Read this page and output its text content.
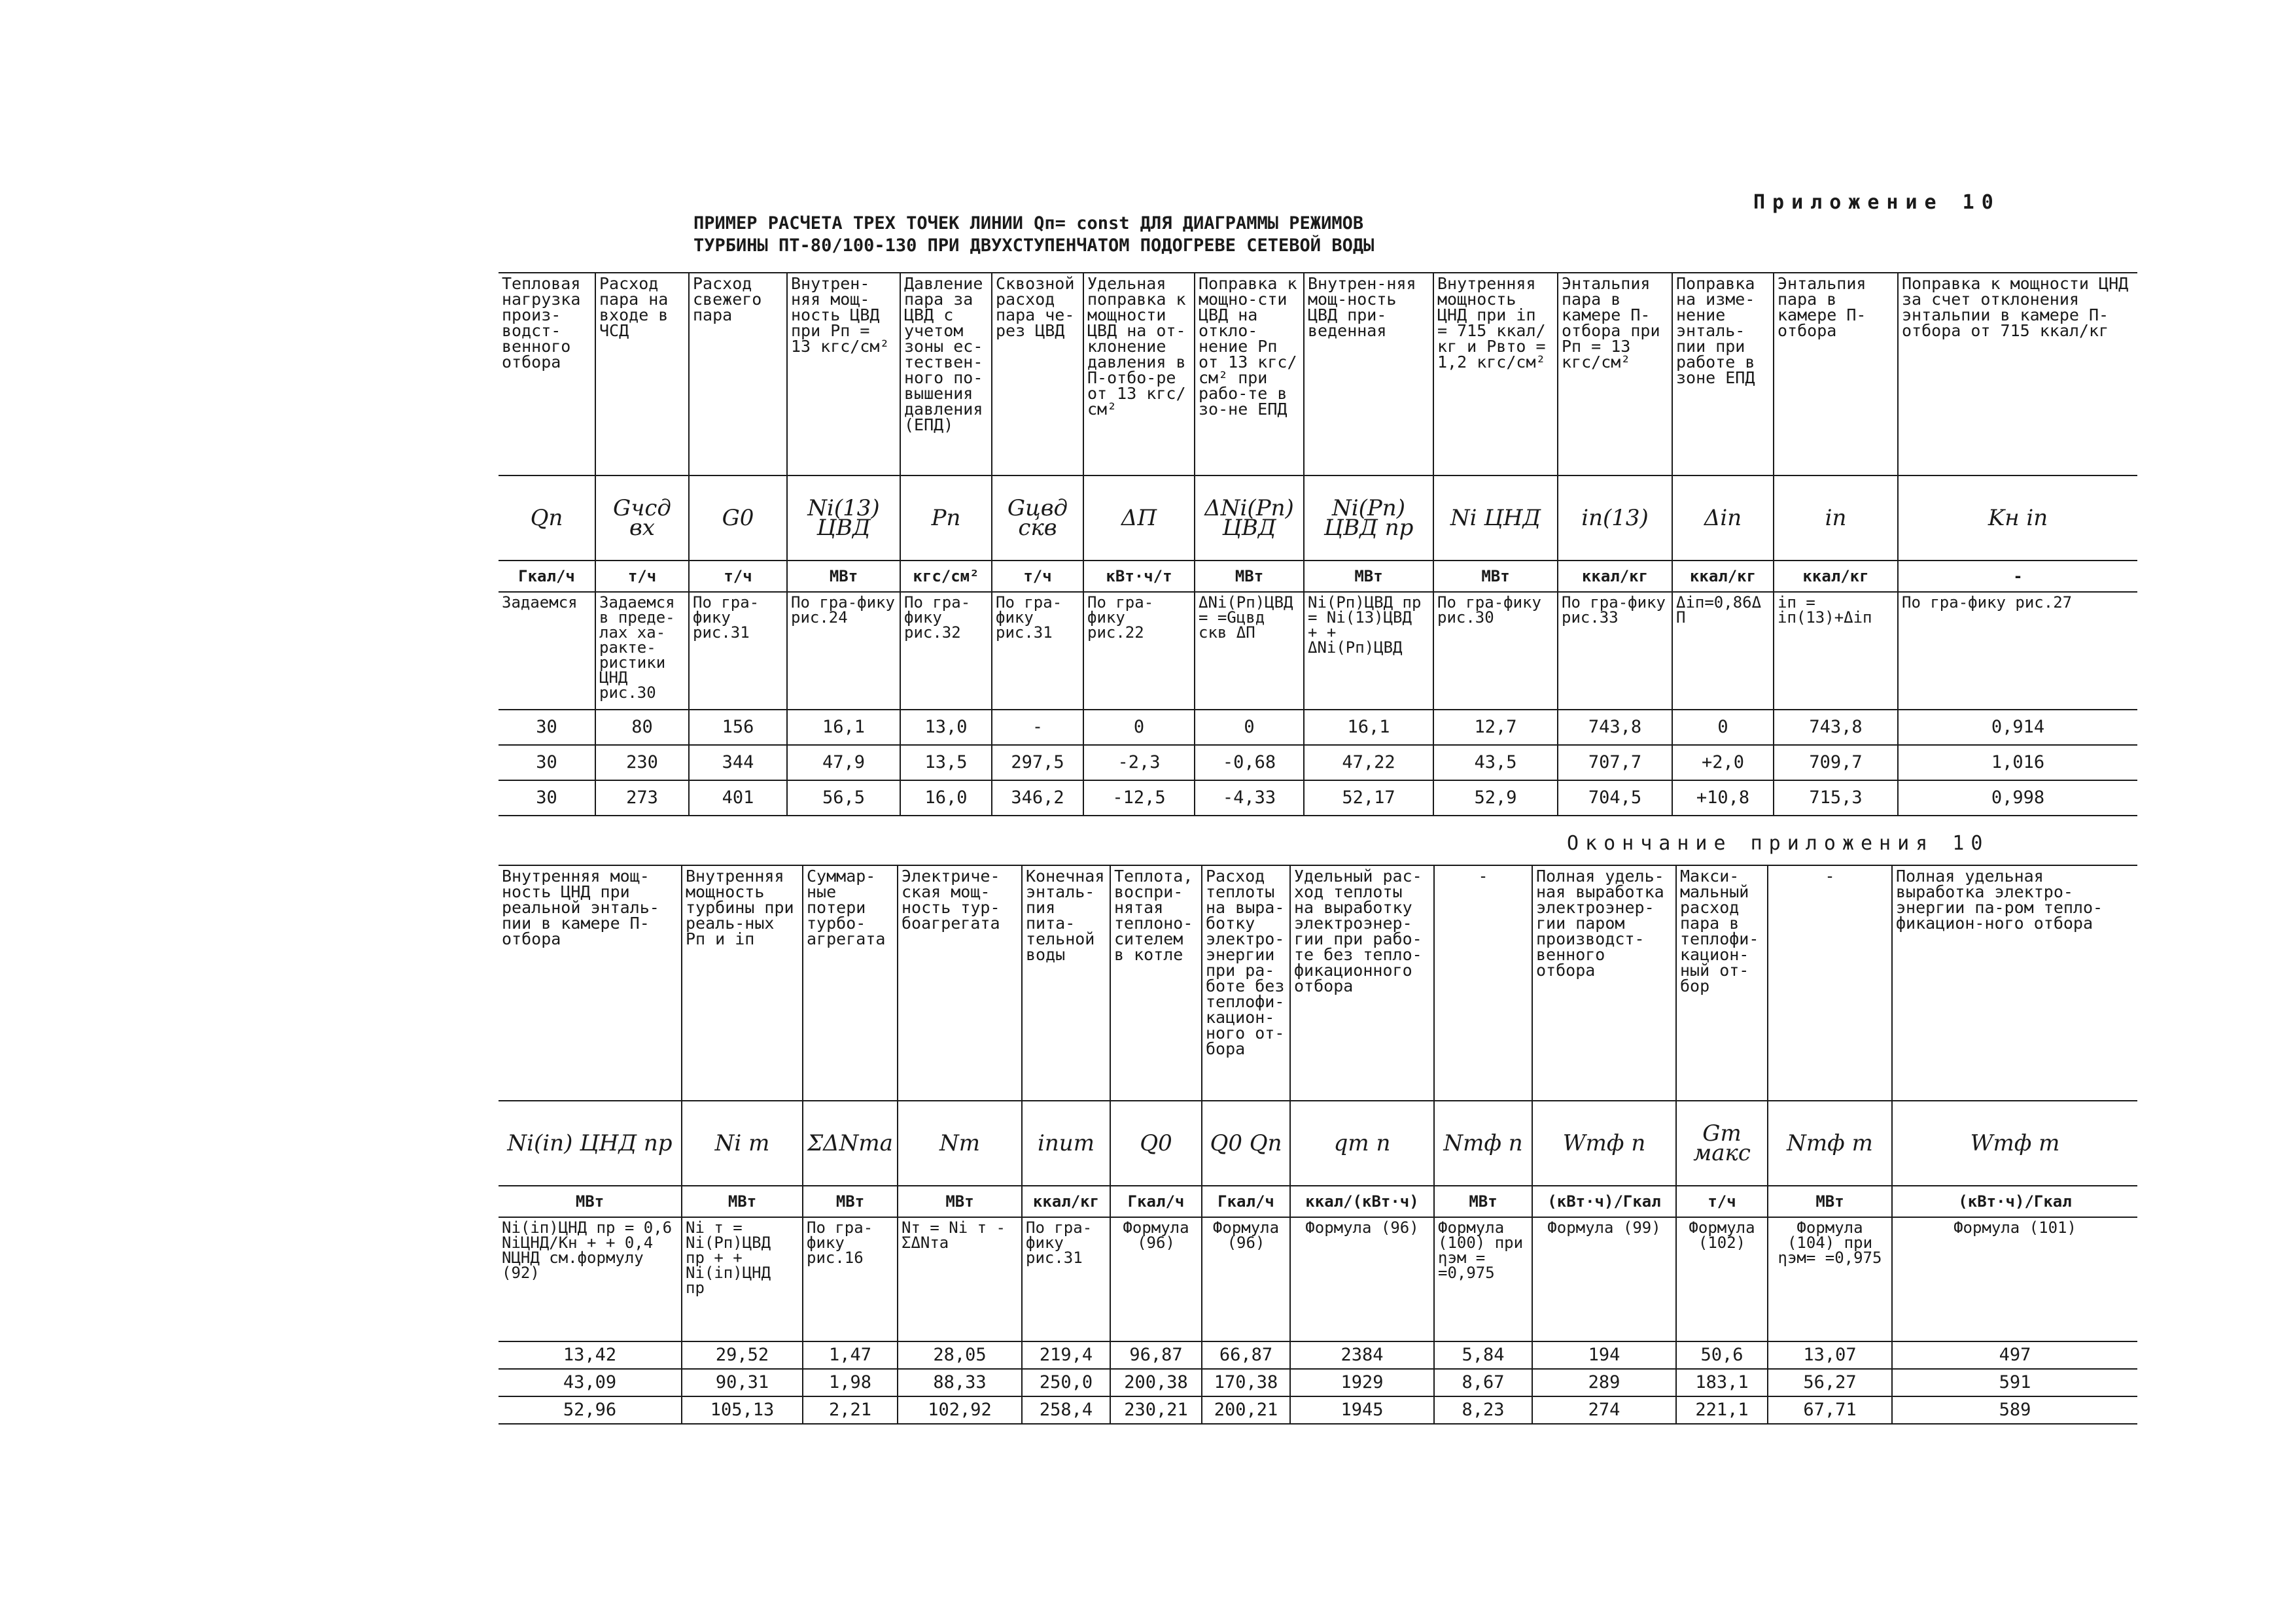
Приложение 10
ПРИМЕР РАСЧЕТА ТРЕХ ТОЧЕК ЛИНИИ Qп= const ДЛЯ ДИАГРАММЫ РЕЖИМОВ
ТУРБИНЫ ПТ-80/100-130 ПРИ ДВУХСТУПЕНЧАТОМ ПОДОГРЕВЕ СЕТЕВОЙ ВОДЫ
Тепловая нагрузка произ-водст-венного отбора	Расход пара на входе в ЧСД	Расход свежего пара	Внутрен-няя мощ-ность ЦВД при Рп = 13 кгс/см²	Давление пара за ЦВД с учетом зоны ес-тествен-ного по-вышения давления (ЕПД)	Сквозной расход пара че-рез ЦВД	Удельная поправка к мощности ЦВД на от-клонение давления в П-отбо-ре от 13 кгс/см²	Поправка к мощно-сти ЦВД на откло-нение Рп от 13 кгс/см² при рабо-те в зо-не ЕПД	Внутрен-няя мощ-ность ЦВД при-веденная	Внутренняя мощность ЦНД при iп = 715 ккал/кг и Рвто = 1,2 кгс/см²	Энтальпия пара в камере П-отбора при Рп = 13 кгс/см²	Поправка на изме-нение энталь-пии при работе в зоне ЕПД	Энтальпия пара в камере П-отбора	Поправка к мощности ЦНД за счет отклонения энтальпии в камере П-отбора от 715 ккал/кг
Qп	Gчсд вх	G0	Ni(13) ЦВД	Pп	Gцвд скв	ΔП	ΔNi(Pп) ЦВД	Ni(Pп) ЦВД пр	Ni ЦНД	iп(13)	Δiп	iп	Kн iп
Гкал/ч	т/ч	т/ч	МВт	кгс/см²	т/ч	кВт·ч/т	МВт	МВт	МВт	ккал/кг	ккал/кг	ккал/кг	-
Задаемся	Задаемся в преде-лах ха-ракте-ристики ЦНД рис.30	По гра-фику рис.31	По гра-фику рис.24	По гра-фику рис.32	По гра-фику рис.31	По гра-фику рис.22	ΔNi(Pп)ЦВД = =Gцвд скв ΔП	Ni(Pп)ЦВД пр = Ni(13)ЦВД + + ΔNi(Pп)ЦВД	По гра-фику рис.30	По гра-фику рис.33	Δiп=0,86ΔП	iп = iп(13)+Δiп	По гра-фику рис.27
30	80	156	16,1	13,0	-	0	0	16,1	12,7	743,8	0	743,8	0,914
30	230	344	47,9	13,5	297,5	-2,3	-0,68	47,22	43,5	707,7	+2,0	709,7	1,016
30	273	401	56,5	16,0	346,2	-12,5	-4,33	52,17	52,9	704,5	+10,8	715,3	0,998
Окончание приложения 10
Внутренняя мощ-ность ЦНД при реальной энталь-пии в камере П-отбора	Внутренняя мощность турбины при реаль-ных Рп и iп	Суммар-ные потери турбо-агрегата	Электриче-ская мощ-ность тур-боагрегата	Конечная энталь-пия пита-тельной воды	Теплота, воспри-нятая теплоно-сителем в котле	Расход теплоты на выра-ботку электро-энергии при ра-боте без теплофи-кацион-ного от-бора	Удельный рас-ход теплоты на выработку электроэнер-гии при рабо-те без тепло-фикационного отбора	-	Полная удель-ная выработка электроэнер-гии паром производст-венного отбора	Макси-мальный расход пара в теплофи-кацион-ный от-бор	-	Полная удельная выработка электро-энергии па-ром тепло-фикацион-ного отбора
Ni(iп) ЦНД пр	Ni т	ΣΔNтa	Nт	iпит	Q0	Q0 Qп	qт п	Nтф п	Wтф п	Gт макс	Nтф т	Wтф т
МВт	МВт	МВт	МВт	ккал/кг	Гкал/ч	Гкал/ч	ккал/(кВт·ч)	МВт	(кВт·ч)/Гкал	т/ч	МВт	(кВт·ч)/Гкал
Ni(iп)ЦНД пр = 0,6 NiЦНД/Kн + + 0,4 NЦНД см.формулу (92)	Ni т = Ni(Pп)ЦВД пр + + Ni(iп)ЦНД пр	По гра-фику рис.16	Nт = Ni т - ΣΔNтa	По гра-фику рис.31	Формула (96)	Формула (96)	Формула (96)	Формула (100) при ηэм = =0,975	Формула (99)	Формула (102)	Формула (104) при ηэм= =0,975	Формула (101)
13,42	29,52	1,47	28,05	219,4	96,87	66,87	2384	5,84	194	50,6	13,07	497
43,09	90,31	1,98	88,33	250,0	200,38	170,38	1929	8,67	289	183,1	56,27	591
52,96	105,13	2,21	102,92	258,4	230,21	200,21	1945	8,23	274	221,1	67,71	589
